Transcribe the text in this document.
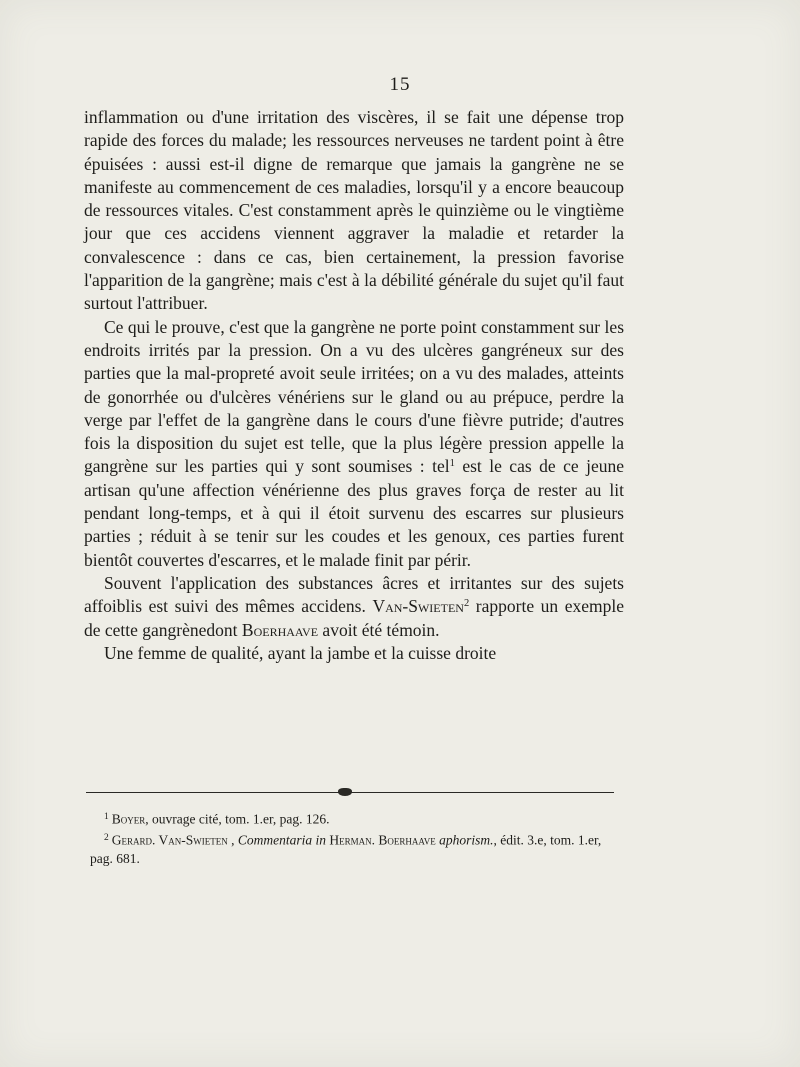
15

inflammation ou d'une irritation des viscères, il se fait une dépense trop rapide des forces du malade; les ressources nerveuses ne tardent point à être épuisées : aussi est-il digne de remarque que jamais la gangrène ne se manifeste au commencement de ces maladies, lorsqu'il y a encore beaucoup de ressources vitales. C'est constamment après le quinzième ou le vingtième jour que ces accidens viennent aggraver la maladie et retarder la convalescence : dans ce cas, bien certainement, la pression favorise l'apparition de la gangrène; mais c'est à la débilité générale du sujet qu'il faut surtout l'attribuer.

Ce qui le prouve, c'est que la gangrène ne porte point constamment sur les endroits irrités par la pression. On a vu des ulcères gangréneux sur des parties que la mal-propreté avoit seule irritées; on a vu des malades, atteints de gonorrhée ou d'ulcères vénériens sur le gland ou au prépuce, perdre la verge par l'effet de la gangrène dans le cours d'une fièvre putride; d'autres fois la disposition du sujet est telle, que la plus légère pression appelle la gangrène sur les parties qui y sont soumises : tel$^1$ est le cas de ce jeune artisan qu'une affection vénérienne des plus graves força de rester au lit pendant long-temps, et à qui il étoit survenu des escarres sur plusieurs parties ; réduit à se tenir sur les coudes et les genoux, ces parties furent bientôt couvertes d'escarres, et le malade finit par périr.

Souvent l'application des substances âcres et irritantes sur des sujets affoiblis est suivi des mêmes accidens. Van-Swieten$^2$ rapporte un exemple de cette gangrènedont Boerhaave avoit été témoin.

Une femme de qualité, ayant la jambe et la cuisse droite

$^1$ Boyer, ouvrage cité, tom. 1.er, pag. 126.

$^2$ Gerard. Van-Swieten , Commentaria in Herman. Boerhaave aphorism., édit. 3.e, tom. 1.er, pag. 681.
